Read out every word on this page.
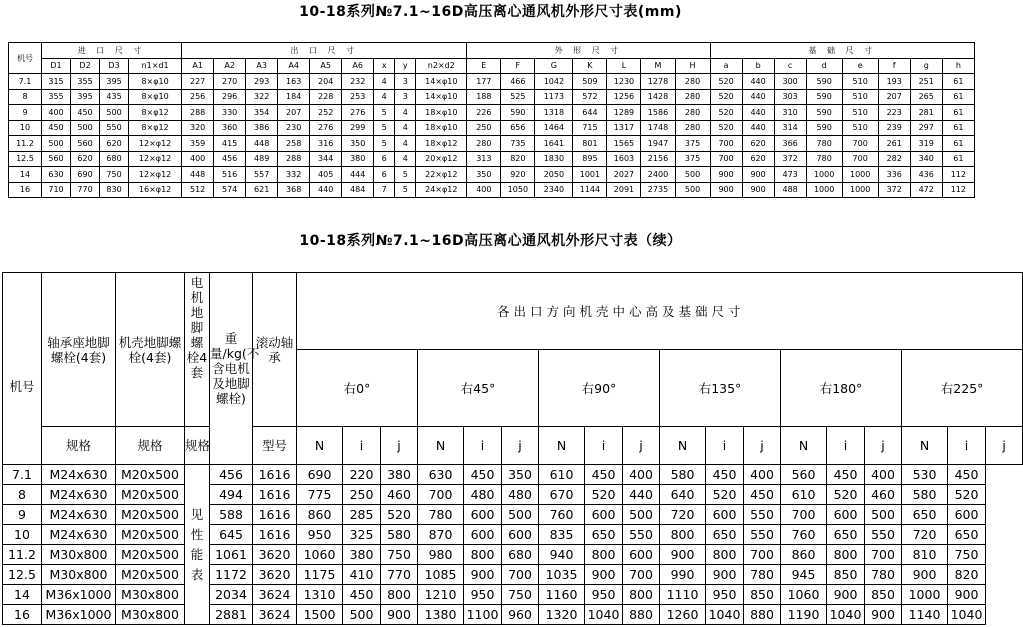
10-18系列№7.1~16D高压离心通风机外形尺寸表(mm)
机号	进 口 尺 寸				出 口 尺 寸									外 形 尺 寸							基 础 尺 寸							
	D1	D2	D3	n1×d1	A1	A2	A3	A4	A5	A6	x	y	n2×d2	E	F	G	K	L	M	H	a	b	c	d	e	f	g	h
7.1	315	355	395	8×φ10	227	270	293	163	204	232	4	3	14×φ10	177	466	1042	509	1230	1278	280	520	440	300	590	510	193	251	61
8	355	395	435	8×φ10	256	296	322	184	228	253	4	3	14×φ10	188	525	1173	572	1256	1428	280	520	440	303	590	510	207	265	61
9	400	450	500	8×φ12	288	330	354	207	252	276	5	4	18×φ10	226	590	1318	644	1289	1586	280	520	440	310	590	510	223	281	61
10	450	500	550	8×φ12	320	360	386	230	276	299	5	4	18×φ10	250	656	1464	715	1317	1748	280	520	440	314	590	510	239	297	61
11.2	500	560	620	12×φ12	359	415	448	258	316	350	5	4	18×φ12	280	735	1641	801	1565	1947	375	700	620	366	780	700	261	319	61
12.5	560	620	680	12×φ12	400	456	489	288	344	380	6	4	20×φ12	313	820	1830	895	1603	2156	375	700	620	372	780	700	282	340	61
14	630	690	750	12×φ12	448	516	557	332	405	444	6	5	22×φ12	350	920	2050	1001	2027	2400	500	900	900	473	1000	1000	336	436	112
16	710	770	830	16×φ12	512	574	621	368	440	484	7	5	24×φ12	400	1050	2340	1144	2091	2735	500	900	900	488	1000	1000	372	472	112
10-18系列№7.1~16D高压离心通风机外形尺寸表（续）
机号	轴承座地脚螺栓(4套)	机壳地脚螺栓(4套)	电机地脚螺栓4套	重量/kg(不含电机及地脚螺栓)	滚动轴承	各出口方向机壳中心高及基础尺寸																	
						右0°			右45°			右90°			右135°			右180°			右225°		
	规格	规格	规格		型号	N	i	j	N	i	j	N	i	j	N	i	j	N	i	j	N	i	j
7.1	M24x630	M20x500	见性能表	456	1616	690	220	380	630	450	350	610	450	400	580	450	400	560	450	400	530	450	
8	M24x630	M20x500		494	1616	775	250	460	700	480	480	670	520	440	640	520	450	610	520	460	580	520	
9	M24x630	M20x500		588	1616	860	285	520	780	600	500	760	600	500	720	600	550	700	600	500	650	600	
10	M24x630	M20x500		645	1616	950	325	580	870	600	600	835	650	550	800	650	550	760	650	550	720	650	
11.2	M30x800	M20x500		1061	3620	1060	380	750	980	800	680	940	800	600	900	800	700	860	800	700	810	750	
12.5	M30x800	M20x500		1172	3620	1175	410	770	1085	900	700	1035	900	700	990	900	780	945	850	780	900	820	
14	M36x1000	M30x800		2034	3624	1310	450	800	1210	950	750	1160	950	800	1110	950	850	1060	900	850	1000	900	
16	M36x1000	M30x800		2881	3624	1500	500	900	1380	1100	960	1320	1040	880	1260	1040	880	1190	1040	900	1140	1040	
